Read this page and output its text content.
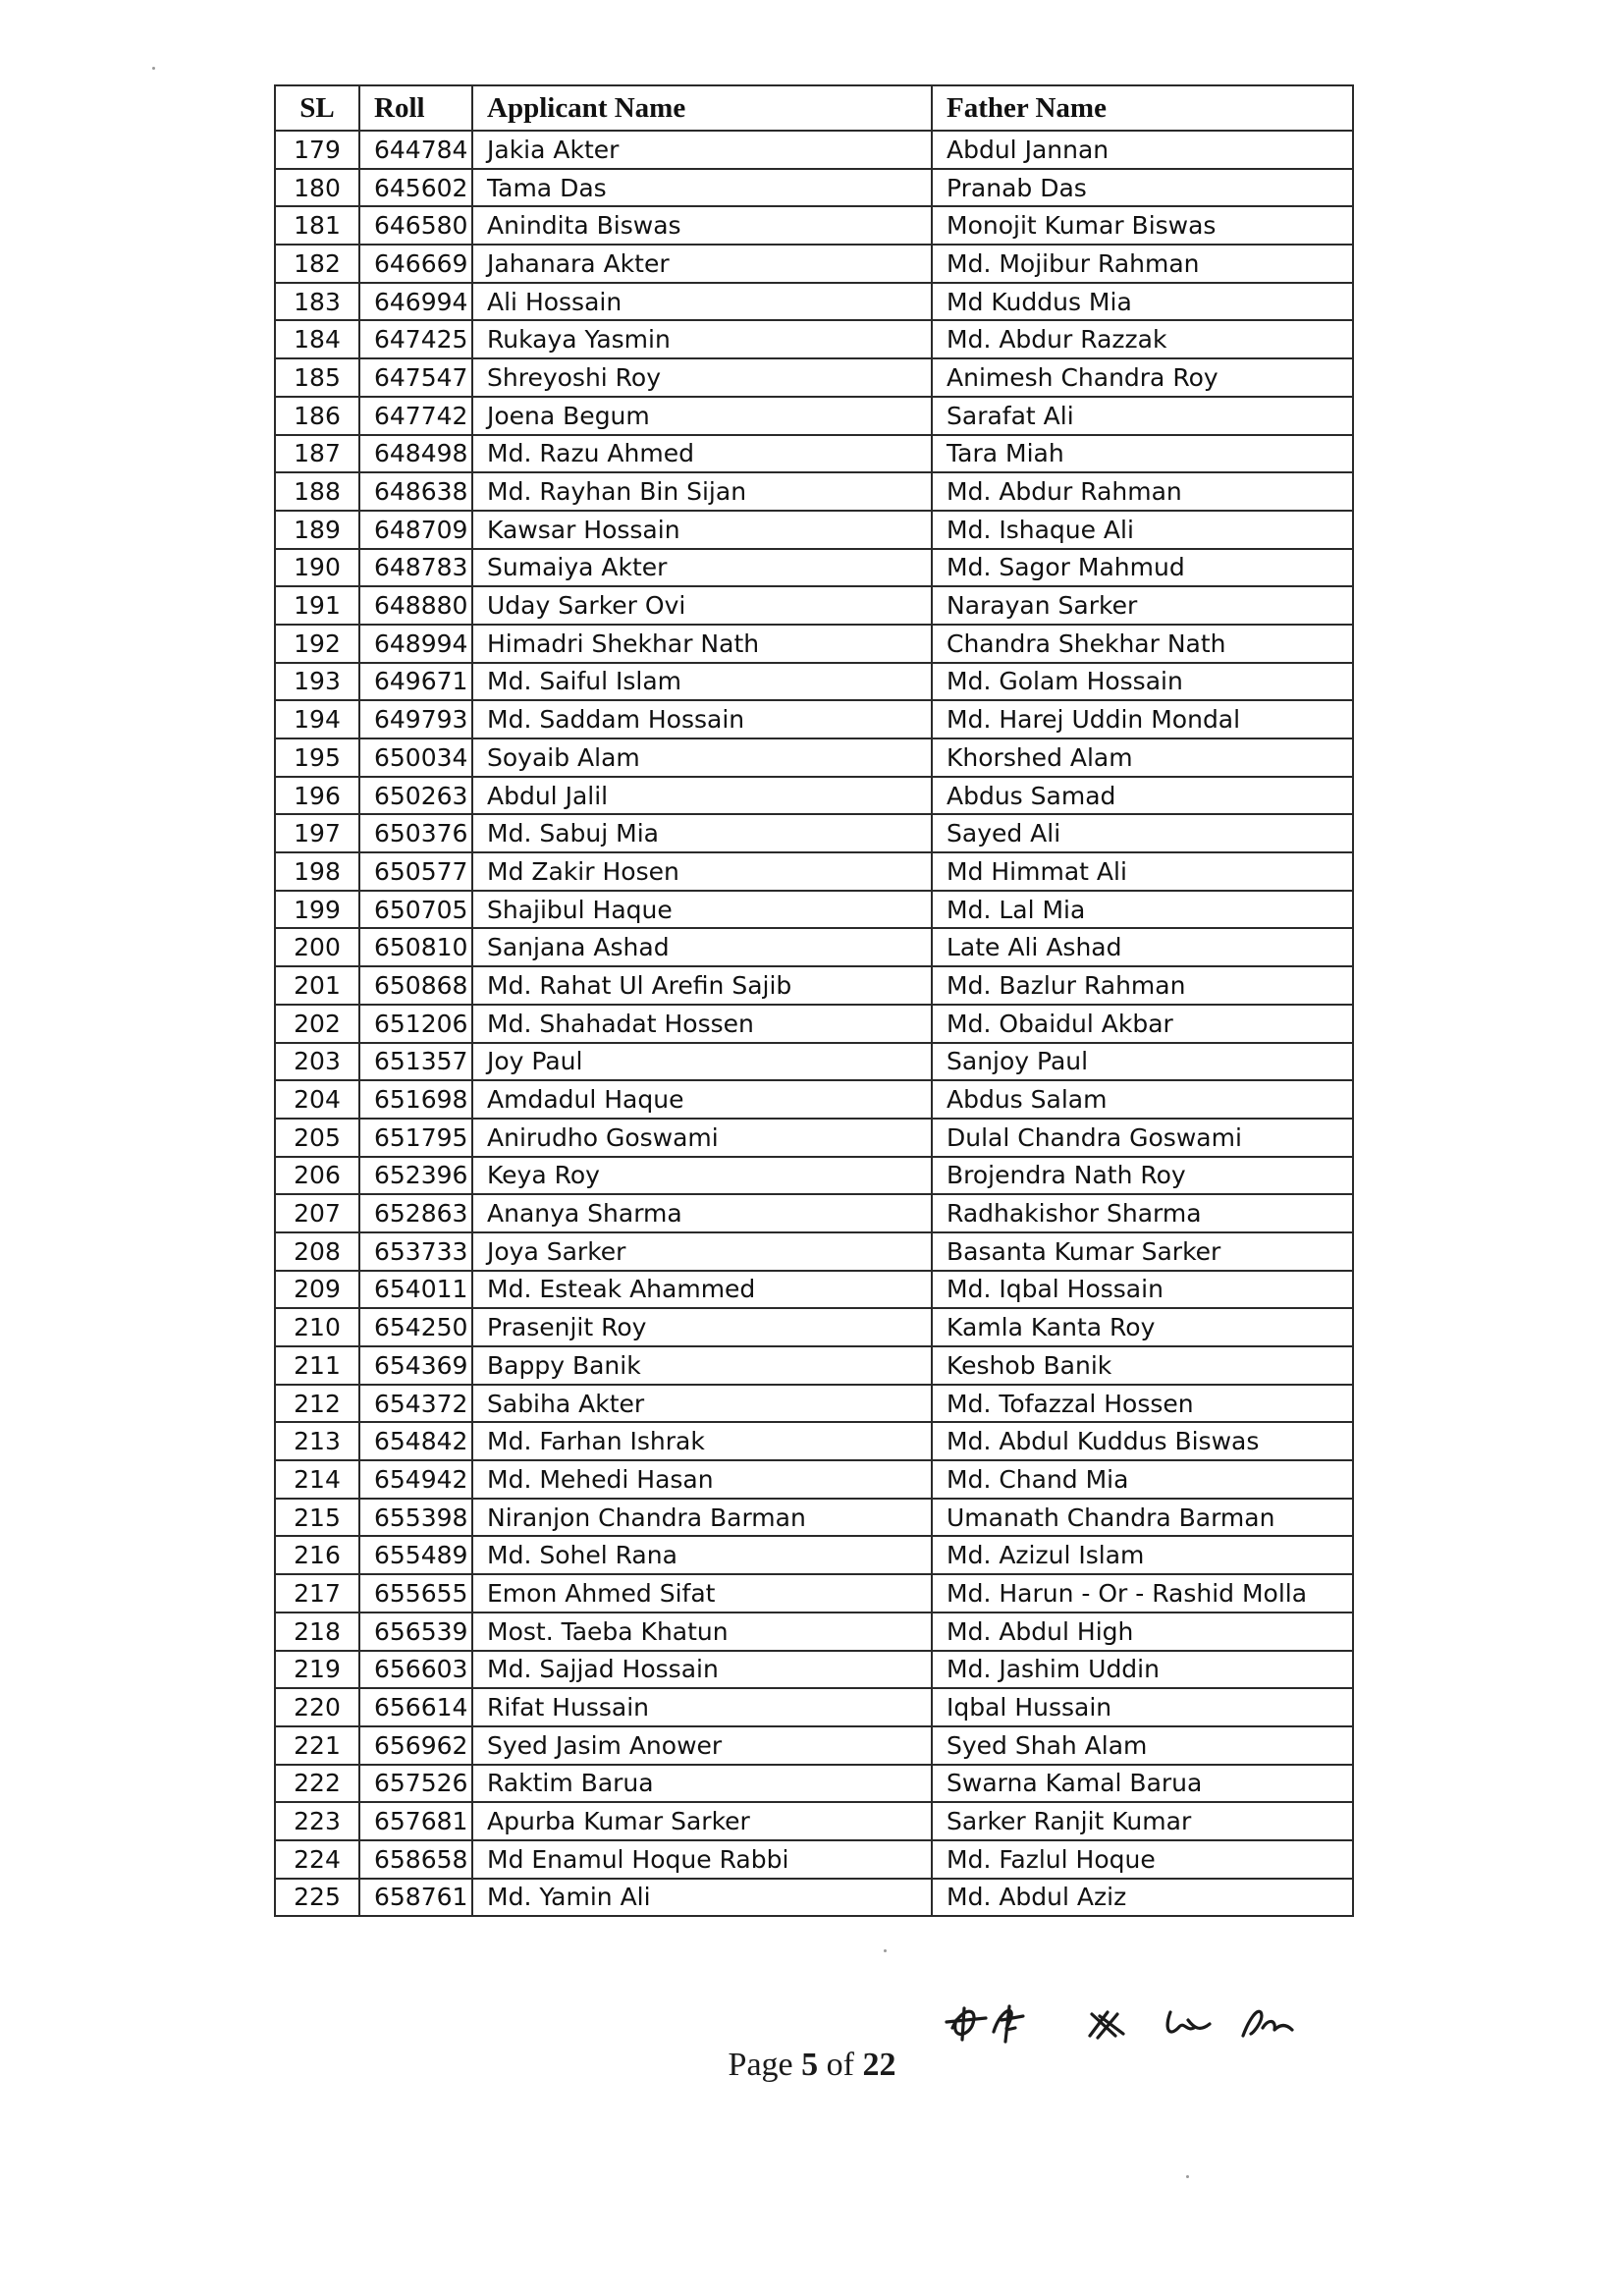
SL	Roll	Applicant Name	Father Name
179	644784	Jakia Akter	Abdul Jannan
180	645602	Tama Das	Pranab Das
181	646580	Anindita Biswas	Monojit Kumar Biswas
182	646669	Jahanara Akter	Md. Mojibur Rahman
183	646994	Ali Hossain	Md Kuddus Mia
184	647425	Rukaya Yasmin	Md. Abdur Razzak
185	647547	Shreyoshi Roy	Animesh Chandra Roy
186	647742	Joena Begum	Sarafat Ali
187	648498	Md. Razu Ahmed	Tara Miah
188	648638	Md. Rayhan Bin Sijan	Md. Abdur Rahman
189	648709	Kawsar Hossain	Md. Ishaque Ali
190	648783	Sumaiya Akter	Md. Sagor Mahmud
191	648880	Uday Sarker Ovi	Narayan Sarker
192	648994	Himadri Shekhar Nath	Chandra Shekhar Nath
193	649671	Md. Saiful Islam	Md. Golam Hossain
194	649793	Md. Saddam Hossain	Md. Harej Uddin Mondal
195	650034	Soyaib Alam	Khorshed Alam
196	650263	Abdul Jalil	Abdus Samad
197	650376	Md. Sabuj Mia	Sayed Ali
198	650577	Md Zakir Hosen	Md Himmat Ali
199	650705	Shajibul Haque	Md. Lal Mia
200	650810	Sanjana Ashad	Late Ali Ashad
201	650868	Md. Rahat Ul Arefin Sajib	Md. Bazlur Rahman
202	651206	Md. Shahadat Hossen	Md. Obaidul Akbar
203	651357	Joy Paul	Sanjoy Paul
204	651698	Amdadul Haque	Abdus Salam
205	651795	Anirudho Goswami	Dulal Chandra Goswami
206	652396	Keya Roy	Brojendra Nath Roy
207	652863	Ananya Sharma	Radhakishor Sharma
208	653733	Joya Sarker	Basanta Kumar Sarker
209	654011	Md. Esteak Ahammed	Md. Iqbal Hossain
210	654250	Prasenjit Roy	Kamla Kanta Roy
211	654369	Bappy Banik	Keshob Banik
212	654372	Sabiha Akter	Md. Tofazzal Hossen
213	654842	Md. Farhan Ishrak	Md. Abdul Kuddus Biswas
214	654942	Md. Mehedi Hasan	Md. Chand Mia
215	655398	Niranjon Chandra Barman	Umanath Chandra Barman
216	655489	Md. Sohel Rana	Md. Azizul Islam
217	655655	Emon Ahmed Sifat	Md. Harun - Or - Rashid Molla
218	656539	Most. Taeba Khatun	Md. Abdul High
219	656603	Md. Sajjad Hossain	Md. Jashim Uddin
220	656614	Rifat Hussain	Iqbal Hussain
221	656962	Syed Jasim Anower	Syed Shah Alam
222	657526	Raktim Barua	Swarna Kamal Barua
223	657681	Apurba Kumar Sarker	Sarker Ranjit Kumar
224	658658	Md Enamul Hoque Rabbi	Md. Fazlul Hoque
225	658761	Md. Yamin Ali	Md. Abdul Aziz
Page 5 of 22
